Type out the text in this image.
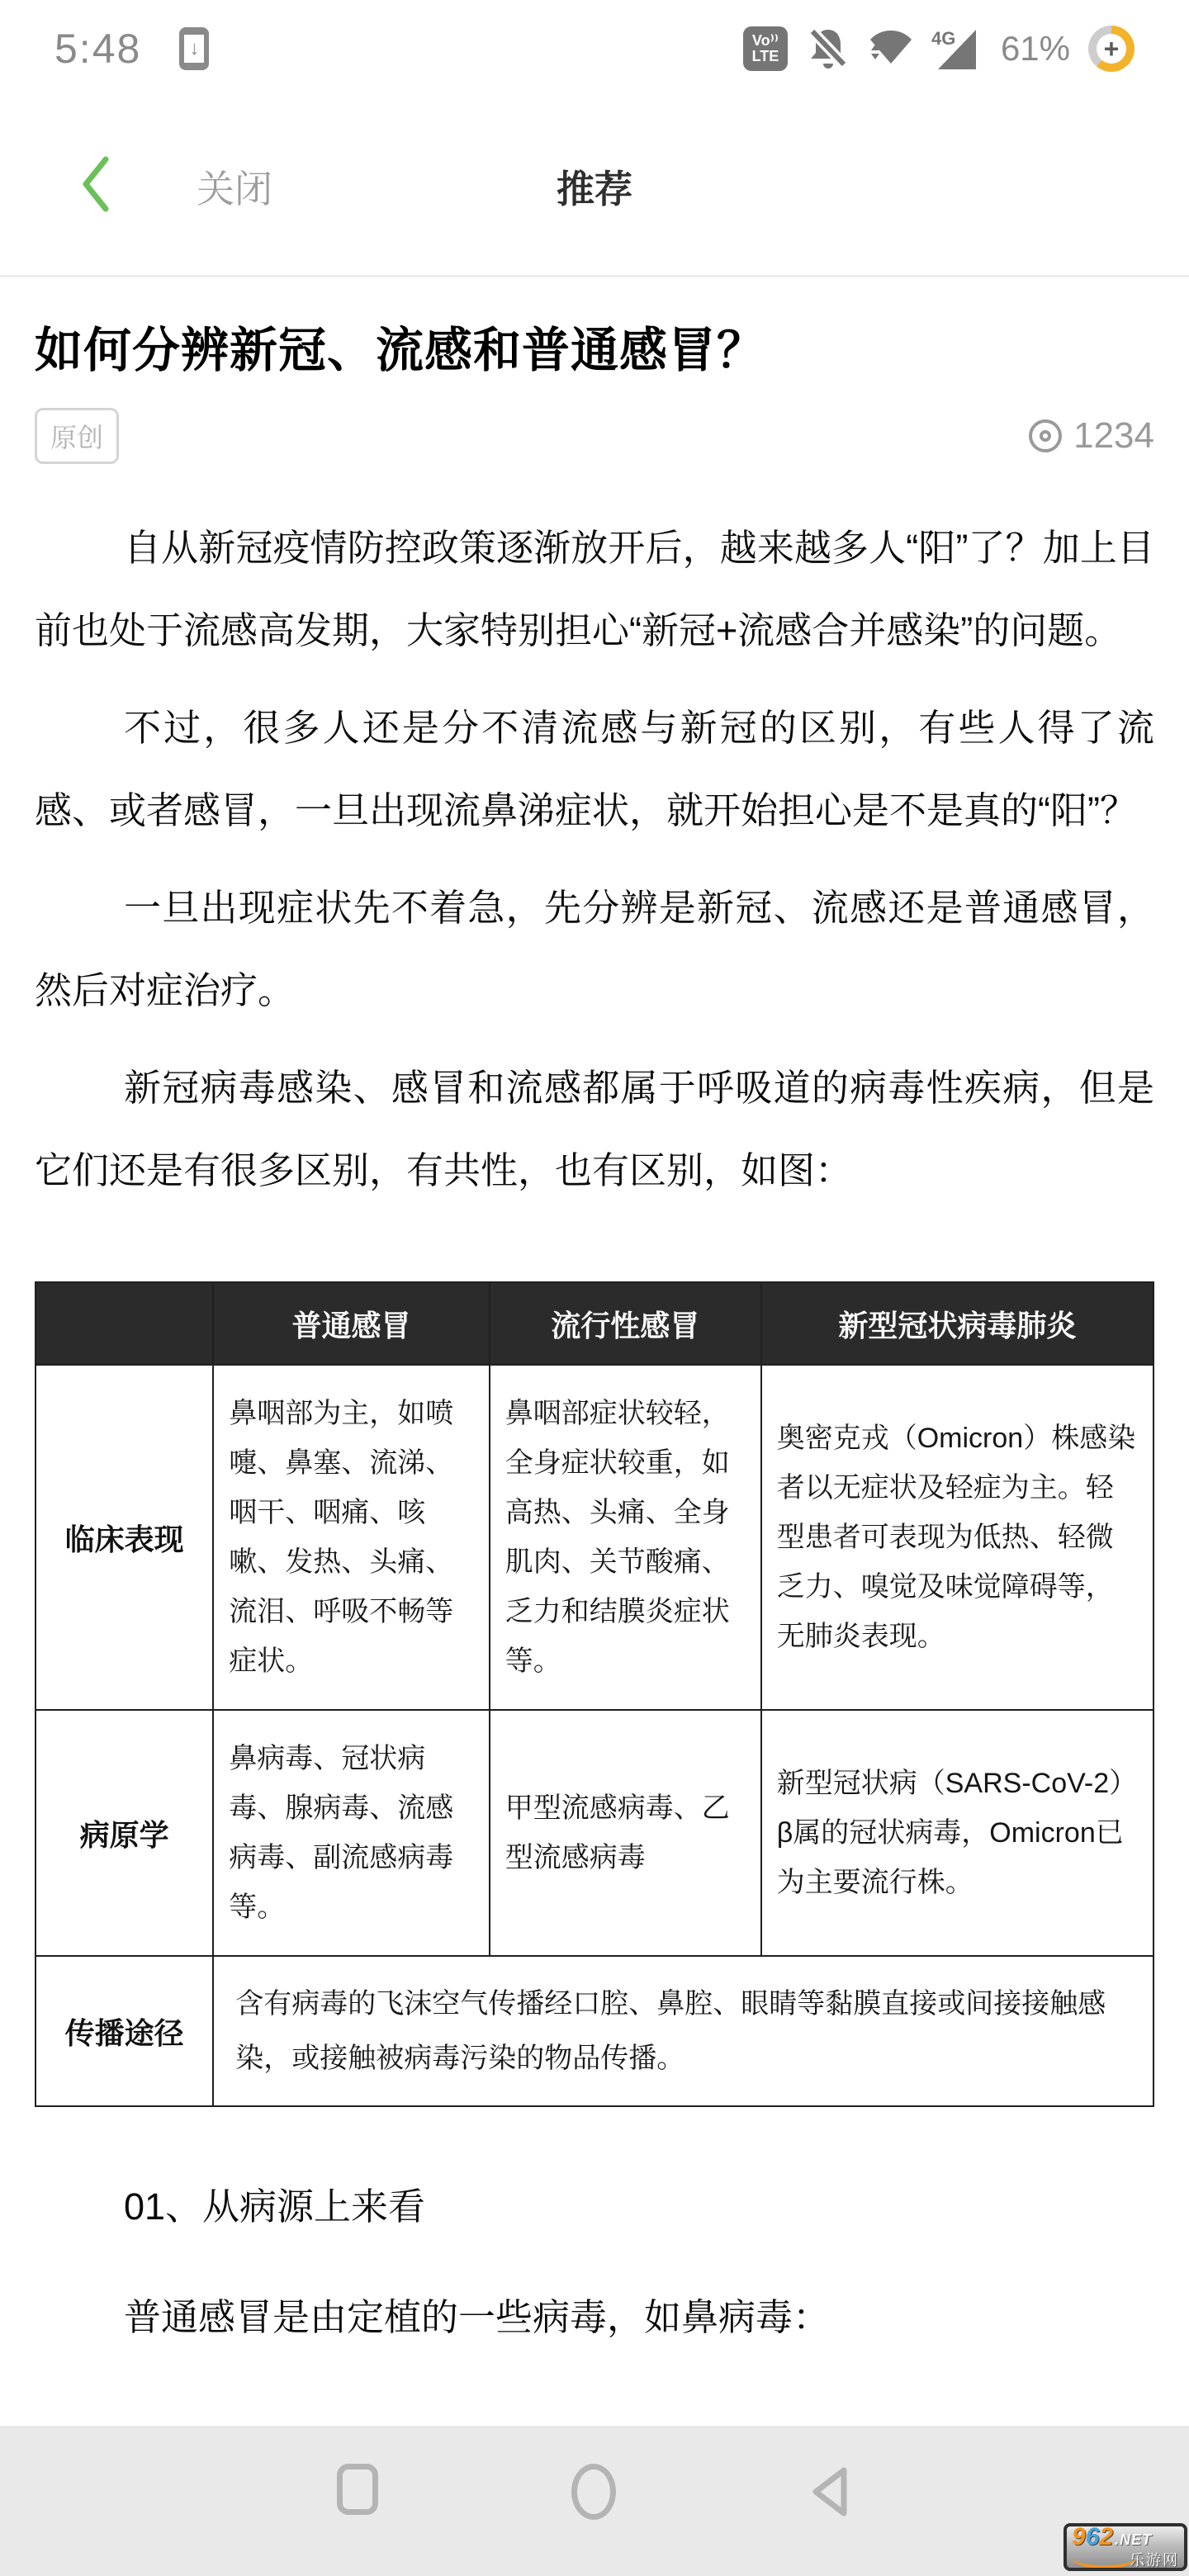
5:48 ↓	Vo⁾⁾
LTE
4G 61% +
关闭	推荐
如何分辨新冠、流感和普通感冒？
原创	1234

自从新冠疫情防控政策逐渐放开后，越来越多人“阳”了？加上目前也处于流感高发期，大家特别担心“新冠+流感合并感染”的问题。

不过，很多人还是分不清流感与新冠的区别，有些人得了流感、或者感冒，一旦出现流鼻涕症状，就开始担心是不是真的“阳”？

一旦出现症状先不着急，先分辨是新冠、流感还是普通感冒，然后对症治疗。

新冠病毒感染、感冒和流感都属于呼吸道的病毒性疾病，但是它们还是有很多区别，有共性，也有区别，如图：

	普通感冒	流行性感冒	新型冠状病毒肺炎
临床表现	鼻咽部为主，如喷嚏、鼻塞、流涕、咽干、咽痛、咳嗽、发热、头痛、流泪、呼吸不畅等症状。	鼻咽部症状较轻，全身症状较重，如高热、头痛、全身肌肉、关节酸痛、乏力和结膜炎症状等。	奥密克戎（Omicron）株感染者以无症状及轻症为主。轻型患者可表现为低热、轻微乏力、嗅觉及味觉障碍等，无肺炎表现。
病原学	鼻病毒、冠状病毒、腺病毒、流感病毒、副流感病毒等。	甲型流感病毒、乙型流感病毒	新型冠状病（SARS-CoV-2）β属的冠状病毒，Omicron已为主要流行株。
传播途径	含有病毒的飞沫空气传播经口腔、鼻腔、眼睛等黏膜直接或间接接触感染，或接触被病毒污染的物品传播。		
01、从病源上来看

普通感冒是由定植的一些病毒，如鼻病毒：

9 6 2 .NET
乐游网
